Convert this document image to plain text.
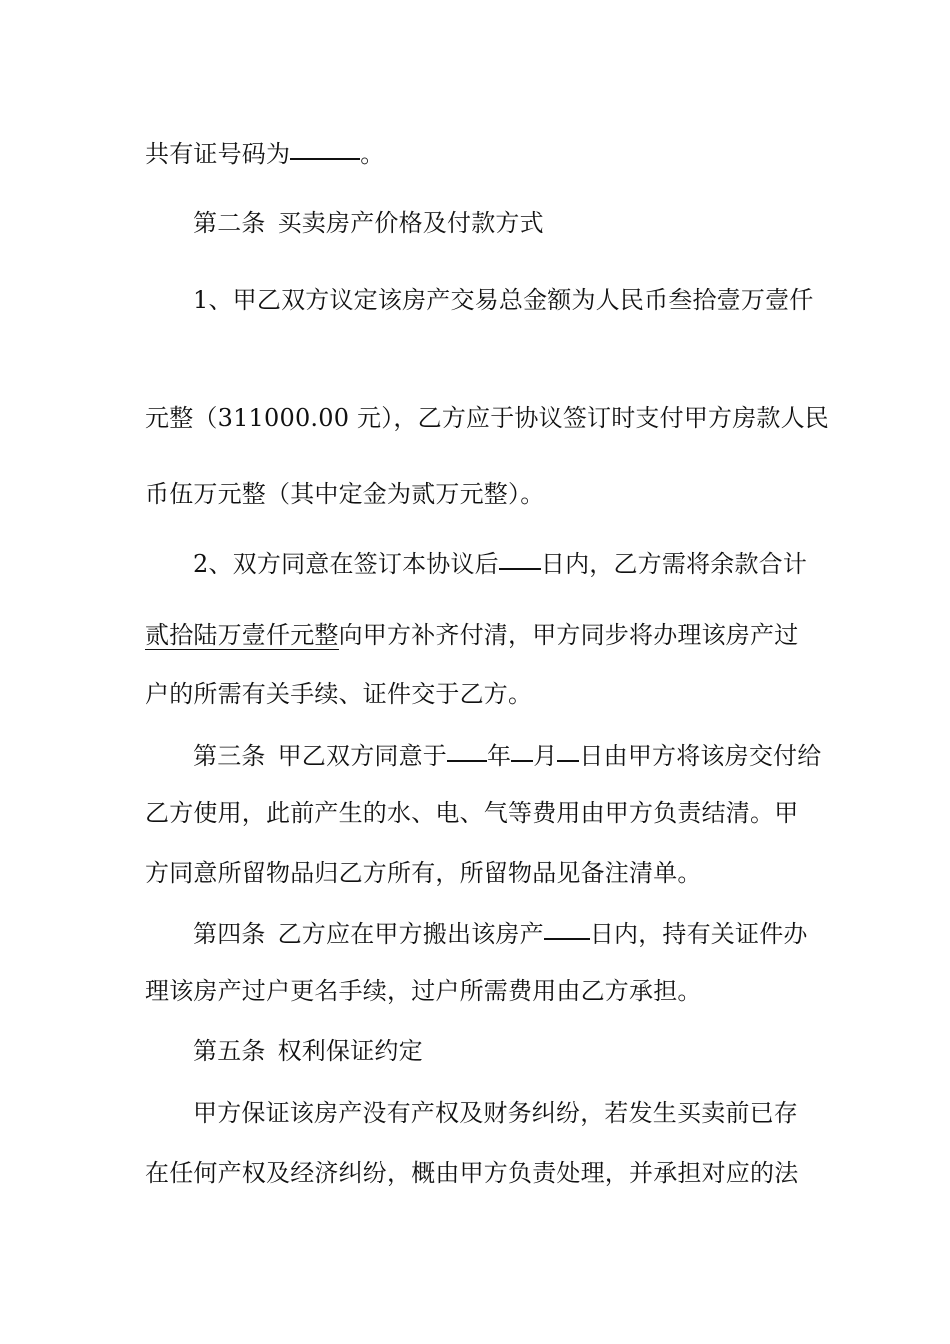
共有证号码为	。
第二条 买卖房产价格及付款方式
1、甲乙双方议定该房产交易总金额为人民币叁拾壹万壹仟
元整（311000.00 元），乙方应于协议签订时支付甲方房款人民
币伍万元整（其中定金为贰万元整）。
2、双方同意在签订本协议后 日内，乙方需将余款合计
贰拾陆万壹仟元整向甲方补齐付清，甲方同步将办理该房产过
户的所需有关手续、证件交于乙方。
第三条 甲乙双方同意于 年 月 日由甲方将该房交付给
乙方使用，此前产生的水、电、气等费用由甲方负责结清。甲
方同意所留物品归乙方所有，所留物品见备注清单。
第四条 乙方应在甲方搬出该房产 日内，持有关证件办
理该房产过户更名手续，过户所需费用由乙方承担。
第五条 权利保证约定
甲方保证该房产没有产权及财务纠纷，若发生买卖前已存
在任何产权及经济纠纷，概由甲方负责处理，并承担对应的法
